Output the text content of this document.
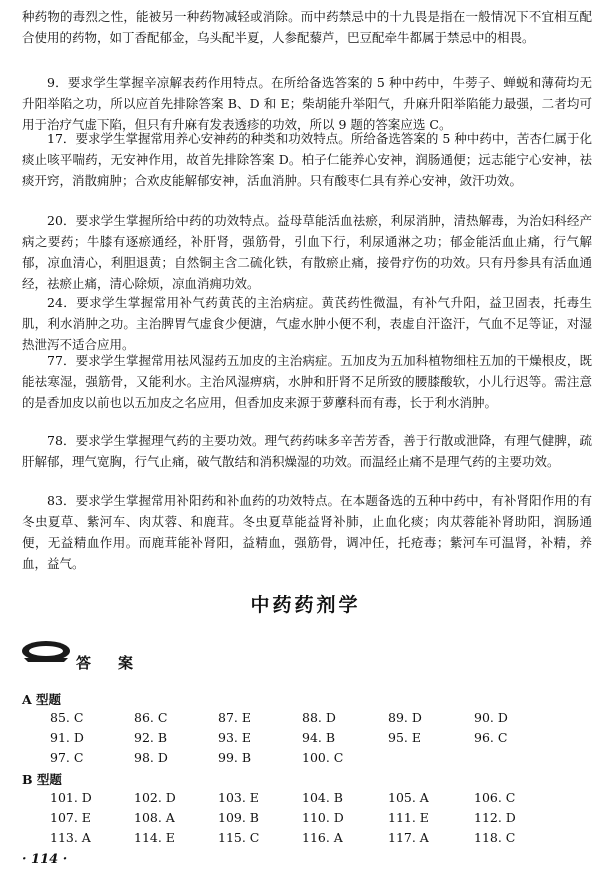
种药物的毒烈之性，能被另一种药物减轻或消除。而中药禁忌中的十九畏是指在一般情况下不宜相互配合使用的药物，如丁香配郁金，乌头配半夏，人参配藜芦，巴豆配牵牛都属于禁忌中的相畏。

9．要求学生掌握辛凉解表药作用特点。在所给备选答案的 5 种中药中，牛蒡子、蝉蜕和薄荷均无升阳举陷之功，所以应首先排除答案 B、D 和 E；柴胡能升举阳气，升麻升阳举陷能力最强，二者均可用于治疗气虚下陷，但只有升麻有发表透疹的功效，所以 9 题的答案应选 C。

17．要求学生掌握常用养心安神药的种类和功效特点。所给备选答案的 5 种中药中，苦杏仁属于化痰止咳平喘药，无安神作用，故首先排除答案 D。柏子仁能养心安神，润肠通便；远志能宁心安神，祛痰开窍，消散痈肿；合欢皮能解郁安神，活血消肿。只有酸枣仁具有养心安神，敛汗功效。

20．要求学生掌握所给中药的功效特点。益母草能活血祛瘀，利尿消肿，清热解毒，为治妇科经产病之要药；牛膝有逐瘀通经，补肝肾，强筋骨，引血下行，利尿通淋之功；郁金能活血止痛，行气解郁，凉血清心，利胆退黄；自然铜主含二硫化铁，有散瘀止痛，接骨疗伤的功效。只有丹参具有活血通经，祛瘀止痛，清心除烦，凉血消痈功效。

24．要求学生掌握常用补气药黄芪的主治病症。黄芪药性微温，有补气升阳，益卫固表，托毒生肌，利水消肿之功。主治脾胃气虚食少便溏，气虚水肿小便不利，表虚自汗盗汗，气血不足等证，对湿热泄泻不适合应用。

77．要求学生掌握常用祛风湿药五加皮的主治病症。五加皮为五加科植物细柱五加的干燥根皮，既能祛寒湿，强筋骨，又能利水。主治风湿痹病，水肿和肝肾不足所致的腰膝酸软，小儿行迟等。需注意的是香加皮以前也以五加皮之名应用，但香加皮来源于萝藦科而有毒，长于利水消肿。

78．要求学生掌握理气药的主要功效。理气药药味多辛苦芳香，善于行散或泄降，有理气健脾，疏肝解郁，理气宽胸，行气止痛，破气散结和消积燥湿的功效。而温经止痛不是理气药的主要功效。

83．要求学生掌握常用补阳药和补血药的功效特点。在本题备选的五种中药中，有补肾阳作用的有冬虫夏草、紫河车、肉苁蓉、和鹿茸。冬虫夏草能益肾补肺，止血化痰；肉苁蓉能补肾助阳，润肠通便，无益精血作用。而鹿茸能补肾阳，益精血，强筋骨，调冲任，托疮毒；紫河车可温肾，补精，养血，益气。

中药药剂学
答　案
A 型题
85. C	86. C	87. E	88. D	89. D	90. D
91. D	92. B	93. E	94. B	95. E	96. C
97. C	98. D	99. B	100. C
B 型题
101. D	102. D	103. E	104. B	105. A	106. C
107. E	108. A	109. B	110. D	111. E	112. D
113. A	114. E	115. C	116. A	117. A	118. C
· 114 ·
